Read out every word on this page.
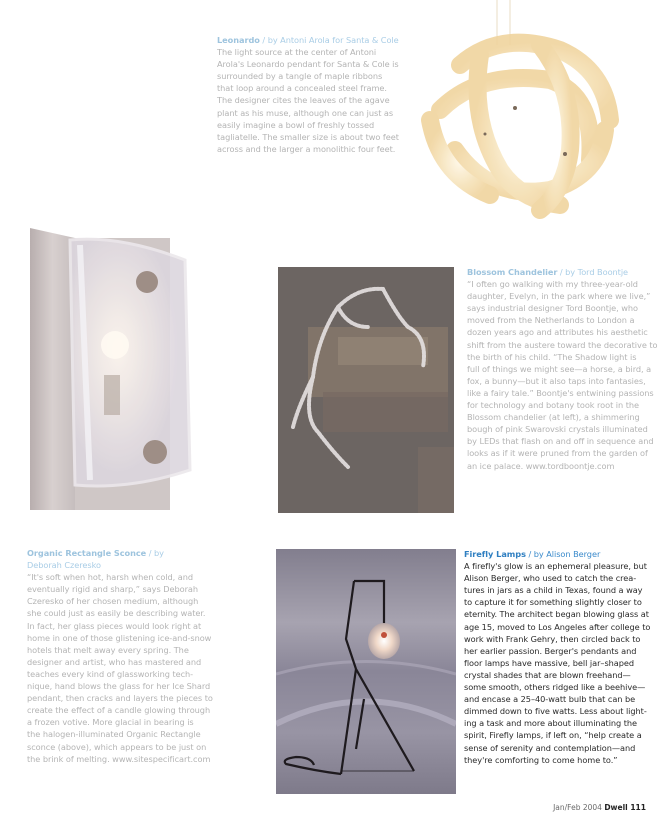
Leonardo / by Antoni Arola for Santa & Cole

The light source at the center of Antoni

Arola's Leonardo pendant for Santa & Cole is

surrounded by a tangle of maple ribbons

that loop around a concealed steel frame.

The designer cites the leaves of the agave

plant as his muse, although one can just as

easily imagine a bowl of freshly tossed

tagliatelle. The smaller size is about two feet

across and the larger a monolithic four feet.

Blossom Chandelier / by Tord Boontje

“I often go walking with my three-year-old

daughter, Evelyn, in the park where we live,”

says industrial designer Tord Boontje, who

moved from the Netherlands to London a

dozen years ago and attributes his aesthetic

shift from the austere toward the decorative to

the birth of his child. “The Shadow light is

full of things we might see—a horse, a bird, a

fox, a bunny—but it also taps into fantasies,

like a fairy tale.” Boontje's entwining passions

for technology and botany took root in the

Blossom chandelier (at left), a shimmering

bough of pink Swarovski crystals illuminated

by LEDs that flash on and off in sequence and

looks as if it were pruned from the garden of

an ice palace. www.tordboontje.com

Organic Rectangle Sconce / by
Deborah Czeresko

“It's soft when hot, harsh when cold, and

eventually rigid and sharp,” says Deborah

Czeresko of her chosen medium, although

she could just as easily be describing water.

In fact, her glass pieces would look right at

home in one of those glistening ice-and-snow

hotels that melt away every spring. The

designer and artist, who has mastered and

teaches every kind of glassworking tech-

nique, hand blows the glass for her Ice Shard

pendant, then cracks and layers the pieces to

create the effect of a candle glowing through

a frozen votive. More glacial in bearing is

the halogen-illuminated Organic Rectangle

sconce (above), which appears to be just on

the brink of melting. www.sitespecificart.com

Firefly Lamps / by Alison Berger

A firefly's glow is an ephemeral pleasure, but

Alison Berger, who used to catch the crea-

tures in jars as a child in Texas, found a way

to capture it for something slightly closer to

eternity. The architect began blowing glass at

age 15, moved to Los Angeles after college to

work with Frank Gehry, then circled back to

her earlier passion. Berger's pendants and

floor lamps have massive, bell jar–shaped

crystal shades that are blown freehand—

some smooth, others ridged like a beehive—

and encase a 25–40-watt bulb that can be

dimmed down to five watts. Less about light-

ing a task and more about illuminating the

spirit, Firefly lamps, if left on, “help create a

sense of serenity and contemplation—and

they're comforting to come home to.”

Jan/Feb 2004 Dwell 111
